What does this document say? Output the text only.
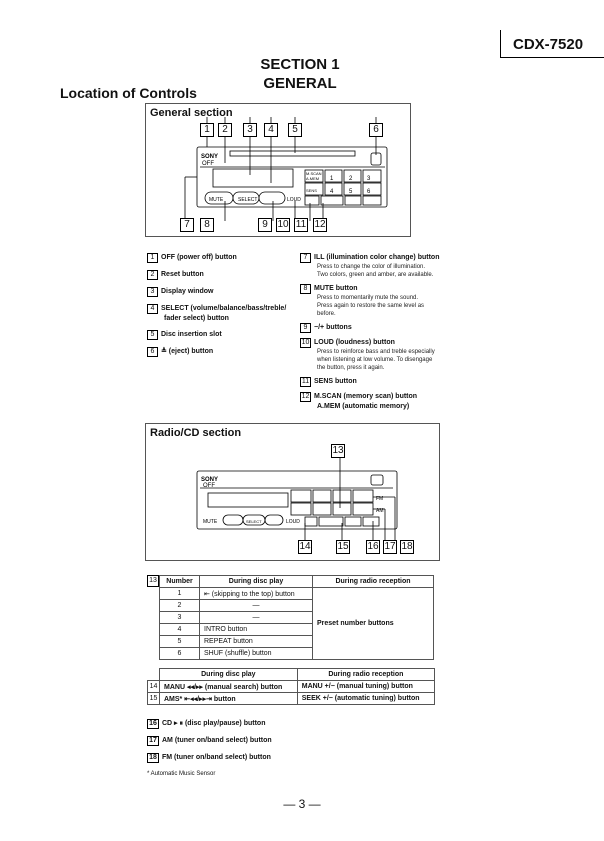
CDX-7520
SECTION 1
GENERAL
Location of Controls
General section
SONY
OFF
M.SCAN
A.MEM 1	2 3
SENS 4	5 6
MUTE	SELECT	LOUD
1	2	3	4	5	6
7	8	9 10 11 12
1 OFF (power off) button
2 Reset button
3 Display window
4 SELECT (volume/balance/bass/treble/
fader select) button
5 Disc insertion slot
6 ≜ (eject) button
7 ILL (illumination color change) button
Press to change the color of illumination.
Two colors, green and amber, are available.
8 MUTE button
Press to momentarily mute the sound.
Press again to restore the same level as
before.
9 −/+ buttons
10 LOUD (loudness) button
Press to reinforce bass and treble especially
when listening at low volume. To disengage
the button, press it again.
11 SENS button
12 M.SCAN (memory scan) button
A.MEM (automatic memory)
Radio/CD section
SONY
OFF
MUTE	SELECT	LOUD
FM
AM
13
14	15 16 17 18
13	Number	During disc play	During radio reception
1	⇤ (skipping to the top) button	Preset number buttons
2	—	
3	—	
4	INTRO button	
5	REPEAT button	
6	SHUF (shuffle) button	
	During disc play	During radio reception
14	MANU ◂◂/▸▸ (manual search) button	MANU +/− (manual tuning) button
15	AMS* ⇤◂◂/▸▸⇥ button	SEEK +/− (automatic tuning) button
16 CD ▸ ⏸ (disc play/pause) button
17 AM (tuner on/band select) button
18 FM (tuner on/band select) button
* Automatic Music Sensor
— 3 —
